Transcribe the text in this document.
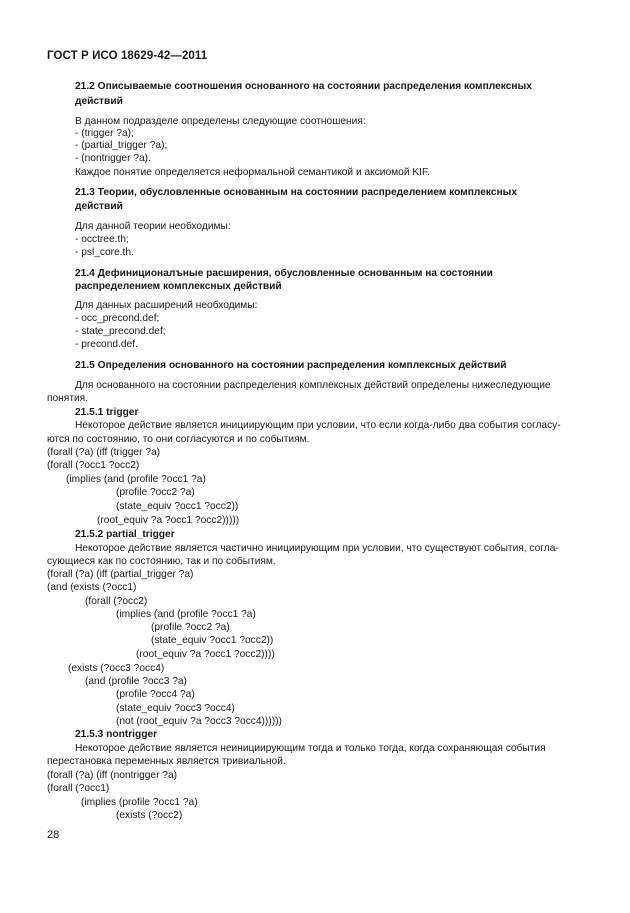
ГОСТ Р ИСО 18629-42—2011
21.2 Описываемые соотношения основанного на состоянии распределения комплексных
действий
В данном подразделе определены следующие соотношения:
- (trigger ?a);
- (partial_trigger ?a);
- (nontrigger ?a).
Каждое понятие определяется неформальной семантикой и аксиомой KIF.
21.3 Теории, обусловленные основанным на состоянии распределением комплексных
действий
Для данной теории необходимы:
- occtree.th;
- psl_core.th.
21.4 Дефиниционалъные расширения, обусловленные основанным на состоянии
распределением комплексных действий
Для данных расширений необходимы:
- occ_precond.def;
- state_precond.def;
- precond.def.
21.5 Определения основанного на состоянии распределения комплексных действий
Для основанного на состоянии распределения комплексных действий определены нижеследующие
понятия.
21.5.1 trigger
Некоторое действие является инициирующим при условии, что если когда-либо два события согласу-
ются по состоянию, то они согласуются и по событиям.
(forall (?a) (iff (trigger ?a)
(forall (?occ1 ?occ2)
(implies (and (profile ?occ1 ?a)
(profile ?occ2 ?a)
(state_equiv ?occ1 ?occ2))
(root_equiv ?a ?occ1 ?occ2)))))
21.5.2 partial_trigger
Некоторое действие является частично инициирующим при условии, что существуют события, согла-
сующиеся как по состоянию, так и по событиям.
(forall (?a) (iff (partial_trigger ?a)
(and (exists (?occ1)
(forall (?occ2)
(implies (and (profile ?occ1 ?a)
(profile ?occ2 ?a)
(state_equiv ?occ1 ?occ2))
(root_equiv ?a ?occ1 ?occ2))))
(exists (?occ3 ?occ4)
(and (profile ?occ3 ?a)
(profile ?occ4 ?a)
(state_equiv ?occ3 ?occ4)
(not (root_equiv ?a ?occ3 ?occ4))))))
21.5.3 nontrigger
Некоторое действие является неинициирующим тогда и только тогда, когда сохраняющая события
перестановка переменных является тривиальной.
(forall (?a) (iff (nontrigger ?a)
(forall (?occ1)
(implies (profile ?occ1 ?a)
(exists (?occ2)
28
